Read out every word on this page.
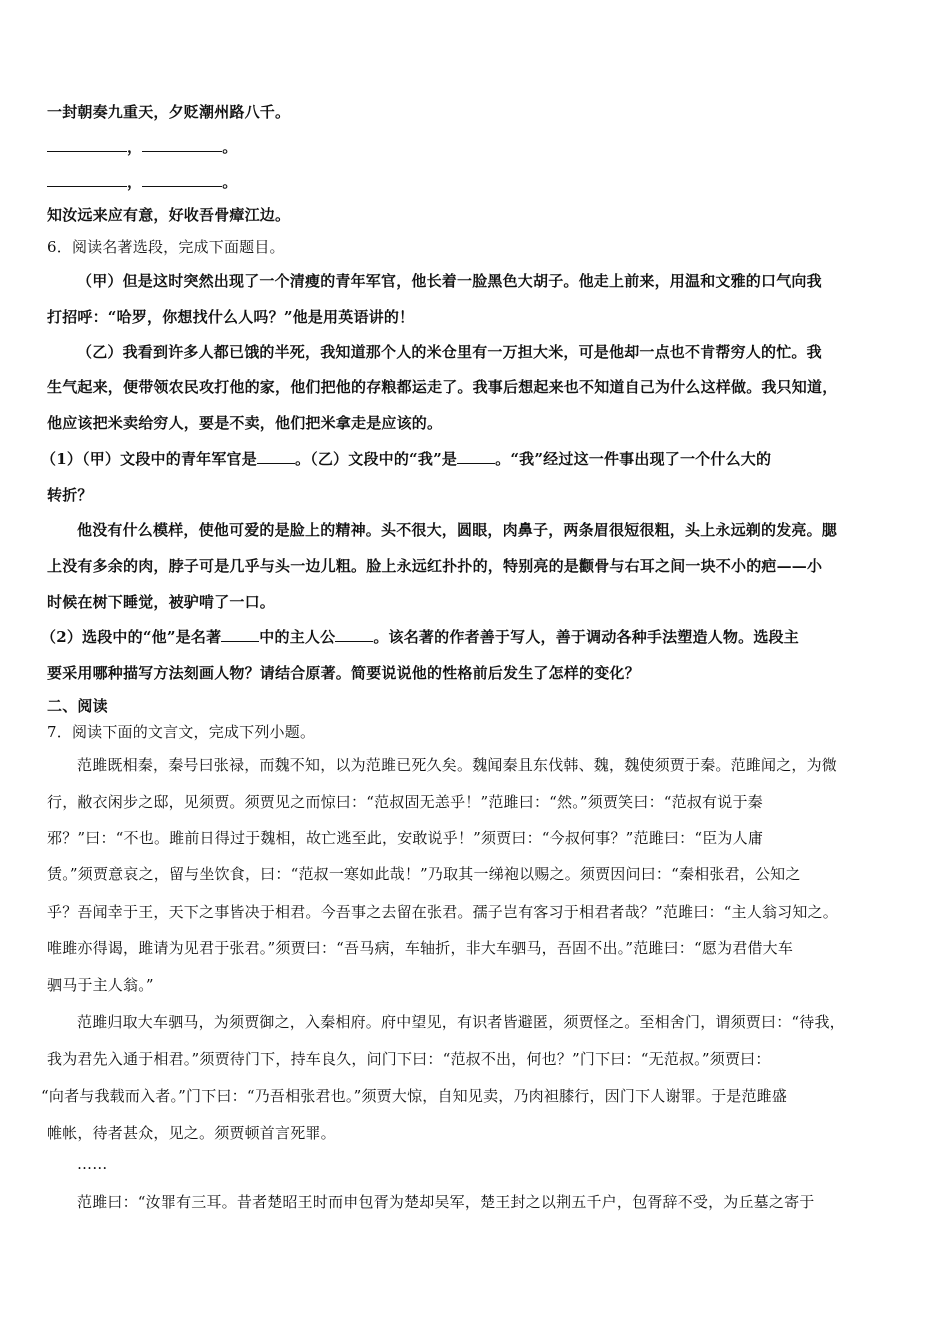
一封朝奏九重天，夕贬潮州路八千。
，	。
，	。
知汝远来应有意，好收吾骨瘴江边。
6．阅读名著选段，完成下面题目。
（甲）但是这时突然出现了一个清瘦的青年军官，他长着一脸黑色大胡子。他走上前来，用温和文雅的口气向我
打招呼：“哈罗，你想找什么人吗？”他是用英语讲的！
（乙）我看到许多人都已饿的半死，我知道那个人的米仓里有一万担大米，可是他却一点也不肯帮穷人的忙。我
生气起来，便带领农民攻打他的家，他们把他的存粮都运走了。我事后想起来也不知道自己为什么这样做。我只知道，
他应该把米卖给穷人，要是不卖，他们把米拿走是应该的。
（1）（甲）文段中的青年军官是	。（乙）文段中的“我”是	。“我”经过这一件事出现了一个什么大的
转折？
他没有什么模样，使他可爱的是脸上的精神。头不很大，圆眼，肉鼻子，两条眉很短很粗，头上永远剃的发亮。腮
上没有多余的肉，脖子可是几乎与头一边儿粗。脸上永远红扑扑的，特别亮的是颧骨与右耳之间一块不小的疤——小
时候在树下睡觉，被驴啃了一口。
（2）选段中的“他”是名著	中的主人公	。该名著的作者善于写人，善于调动各种手法塑造人物。选段主
要采用哪种描写方法刻画人物？请结合原著。简要说说他的性格前后发生了怎样的变化？
二、阅读
7．阅读下面的文言文，完成下列小题。
范雎既相秦，秦号曰张禄，而魏不知，以为范雎已死久矣。魏闻秦且东伐韩、魏，魏使须贾于秦。范雎闻之，为微
行，敝衣闲步之邸，见须贾。须贾见之而惊曰：“范叔固无恙乎！”范雎曰：“然。”须贾笑曰：“范叔有说于秦
邪？”曰：“不也。雎前日得过于魏相，故亡逃至此，安敢说乎！”须贾曰：“今叔何事？”范雎曰：“臣为人庸
赁。”须贾意哀之，留与坐饮食，曰：“范叔一寒如此哉！”乃取其一绨袍以赐之。须贾因问曰：“秦相张君，公知之
乎？吾闻幸于王，天下之事皆决于相君。今吾事之去留在张君。孺子岂有客习于相君者哉？”范雎曰：“主人翁习知之。
唯雎亦得谒，雎请为见君于张君。”须贾曰：“吾马病，车轴折，非大车驷马，吾固不出。”范雎曰：“愿为君借大车
驷马于主人翁。”
范雎归取大车驷马，为须贾御之，入秦相府。府中望见，有识者皆避匿，须贾怪之。至相舍门，谓须贾曰：“待我，
我为君先入通于相君。”须贾待门下，持车良久，问门下曰：“范叔不出，何也？”门下曰：“无范叔。”须贾曰：
“向者与我载而入者。”门下曰：“乃吾相张君也。”须贾大惊，自知见卖，乃肉袒膝行，因门下人谢罪。于是范雎盛
帷帐，待者甚众，见之。须贾顿首言死罪。
……
范雎曰：“汝罪有三耳。昔者楚昭王时而申包胥为楚却吴军，楚王封之以荆五千户，包胥辞不受，为丘墓之寄于
